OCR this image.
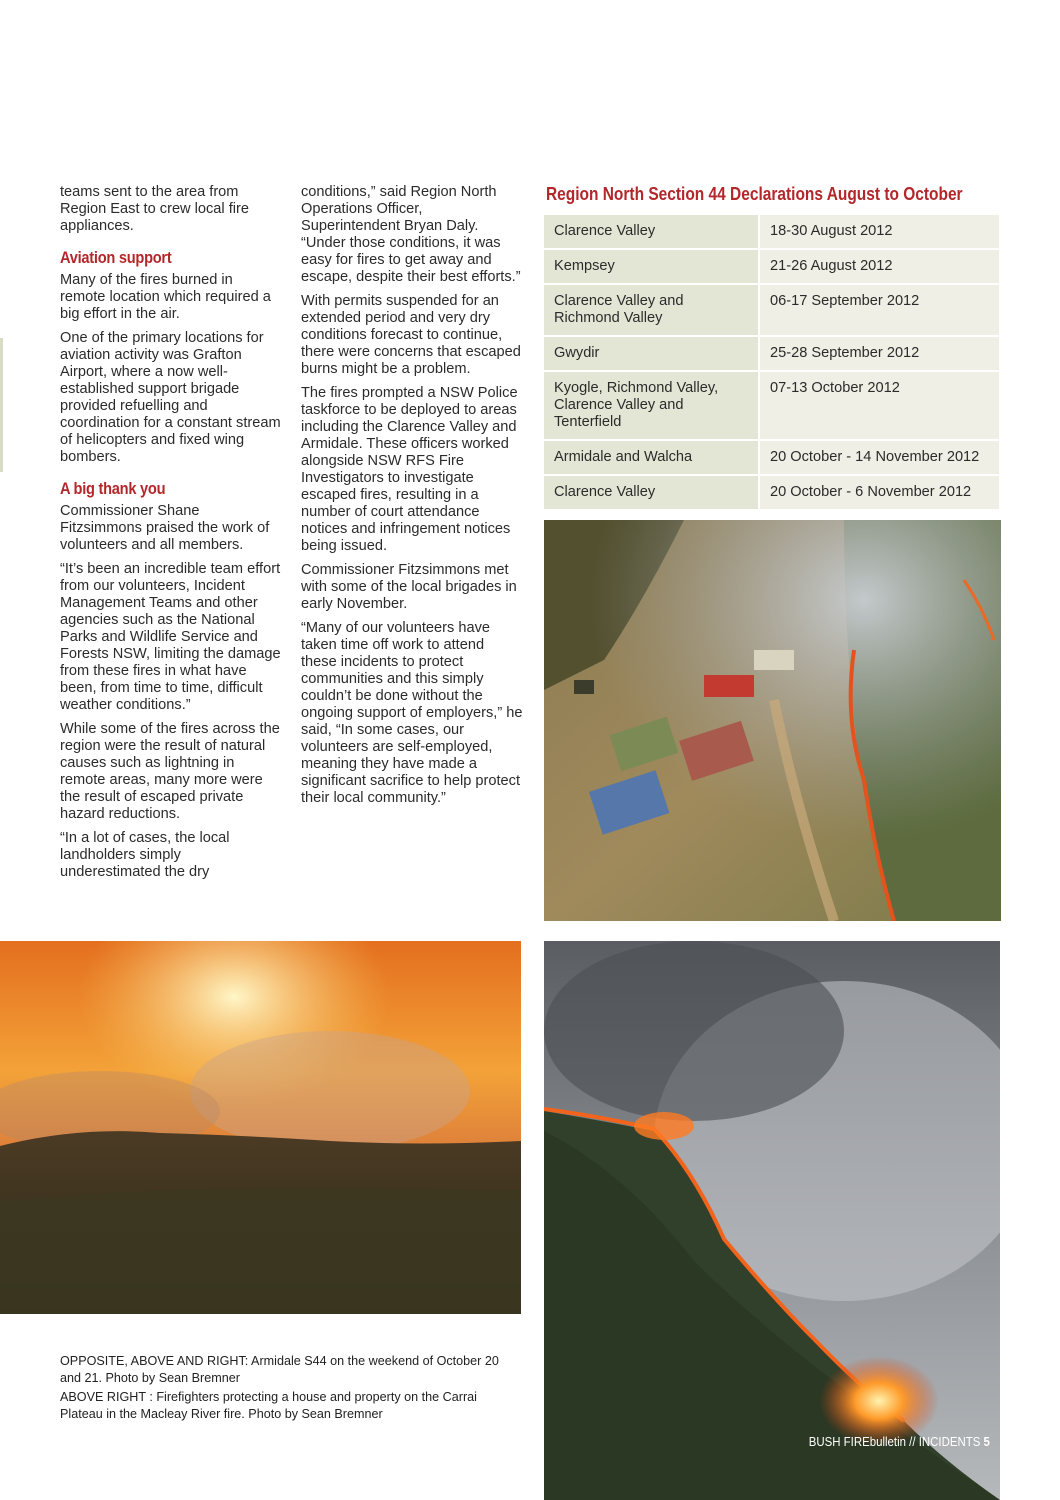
teams sent to the area from Region East to crew local fire appliances.

Aviation support

Many of the fires burned in remote location which required a big effort in the air.

One of the primary locations for aviation activity was Grafton Airport, where a now well-established support brigade provided refuelling and coordination for a constant stream of helicopters and fixed wing bombers.

A big thank you

Commissioner Shane Fitzsimmons praised the work of volunteers and all members.

“It’s been an incredible team effort from our volunteers, Incident Management Teams and other agencies such as the National Parks and Wildlife Service and Forests NSW, limiting the damage from these fires in what have been, from time to time, difficult weather conditions.”

While some of the fires across the region were the result of natural causes such as lightning in remote areas, many more were the result of escaped private hazard reductions.

“In a lot of cases, the local landholders simply underestimated the dry

conditions,” said Region North Operations Officer, Superintendent Bryan Daly. “Under those conditions, it was easy for fires to get away and escape, despite their best efforts.”

With permits suspended for an extended period and very dry conditions forecast to continue, there were concerns that escaped burns might be a problem.

The fires prompted a NSW Police taskforce to be deployed to areas including the Clarence Valley and Armidale. These officers worked alongside NSW RFS Fire Investigators to investigate escaped fires, resulting in a number of court attendance notices and infringement notices being issued.

Commissioner Fitzsimmons met with some of the local brigades in early November.

“Many of our volunteers have taken time off work to attend these incidents to protect communities and this simply couldn’t be done without the ongoing support of employers,” he said, “In some cases, our volunteers are self-employed, meaning they have made a significant sacrifice to help protect their local community.”

Region North Section 44 Declarations August to October
Clarence Valley	18-30 August 2012
Kempsey	21-26 August 2012
Clarence Valley and Richmond Valley	06-17 September 2012
Gwydir	25-28 September 2012
Kyogle, Richmond Valley, Clarence Valley and Tenterfield	07-13 October 2012
Armidale and Walcha	20 October - 14 November 2012
Clarence Valley	20 October - 6 November 2012

OPPOSITE, ABOVE AND RIGHT: Armidale S44 on the weekend of October 20 and 21. Photo by Sean Bremner

ABOVE RIGHT : Firefighters protecting a house and property on the Carrai Plateau in the Macleay River fire. Photo by Sean Bremner

BUSH FIREbulletin // INCIDENTS 5
